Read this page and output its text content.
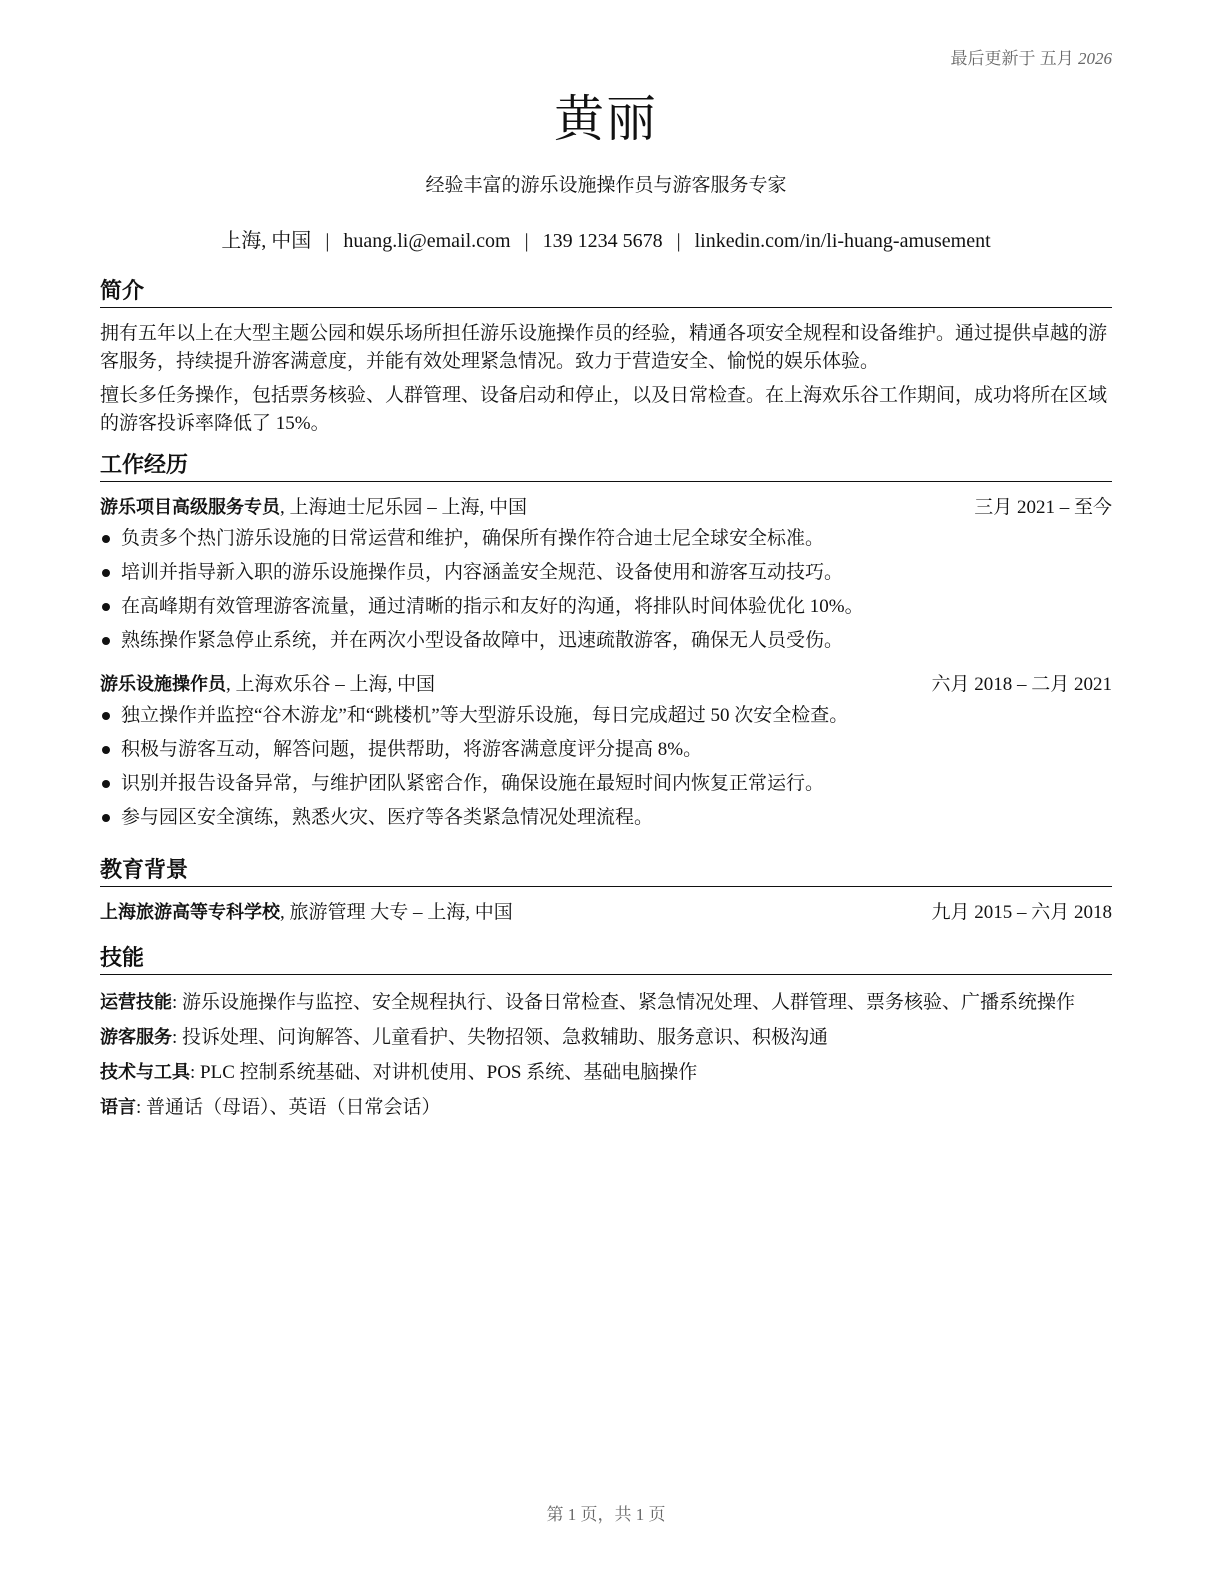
最后更新于 五月 2026
黄丽
经验丰富的游乐设施操作员与游客服务专家
上海, 中国 | huang.li@email.com | 139 1234 5678 | linkedin.com/in/li-huang-amusement
简介

拥有五年以上在大型主题公园和娱乐场所担任游乐设施操作员的经验，精通各项安全规程和设备维护。通过提供卓越的游客服务，持续提升游客满意度，并能有效处理紧急情况。致力于营造安全、愉悦的娱乐体验。

擅长多任务操作，包括票务核验、人群管理、设备启动和停止，以及日常检查。在上海欢乐谷工作期间，成功将所在区域的游客投诉率降低了 15%。

工作经历
游乐项目高级服务专员, 上海迪士尼乐园 – 上海, 中国	三月 2021 – 至今
负责多个热门游乐设施的日常运营和维护，确保所有操作符合迪士尼全球安全标准。
培训并指导新入职的游乐设施操作员，内容涵盖安全规范、设备使用和游客互动技巧。
在高峰期有效管理游客流量，通过清晰的指示和友好的沟通，将排队时间体验优化 10%。
熟练操作紧急停止系统，并在两次小型设备故障中，迅速疏散游客，确保无人员受伤。
游乐设施操作员, 上海欢乐谷 – 上海, 中国	六月 2018 – 二月 2021
独立操作并监控“谷木游龙”和“跳楼机”等大型游乐设施，每日完成超过 50 次安全检查。
积极与游客互动，解答问题，提供帮助，将游客满意度评分提高 8%。
识别并报告设备异常，与维护团队紧密合作，确保设施在最短时间内恢复正常运行。
参与园区安全演练，熟悉火灾、医疗等各类紧急情况处理流程。
教育背景
上海旅游高等专科学校, 旅游管理 大专 – 上海, 中国	九月 2015 – 六月 2018
技能
运营技能: 游乐设施操作与监控、安全规程执行、设备日常检查、紧急情况处理、人群管理、票务核验、广播系统操作
游客服务: 投诉处理、问询解答、儿童看护、失物招领、急救辅助、服务意识、积极沟通
技术与工具: PLC 控制系统基础、对讲机使用、POS 系统、基础电脑操作
语言: 普通话（母语）、英语（日常会话）
第 1 页，共 1 页
